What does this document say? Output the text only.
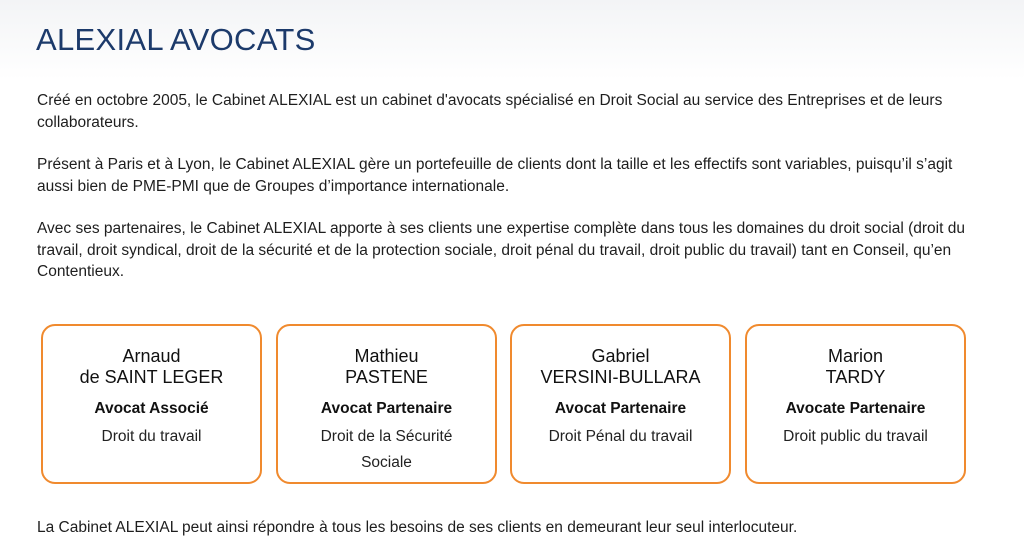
ALEXIAL AVOCATS

Créé en octobre 2005, le Cabinet ALEXIAL est un cabinet d'avocats spécialisé en Droit Social au service des Entreprises et de leurs collaborateurs.

Présent à Paris et à Lyon, le Cabinet ALEXIAL gère un portefeuille de clients dont la taille et les effectifs sont variables, puisqu’il s’agit aussi bien de PME-PMI que de Groupes d’importance internationale.

Avec ses partenaires, le Cabinet ALEXIAL apporte à ses clients une expertise complète dans tous les domaines du droit social (droit du travail, droit syndical, droit de la sécurité et de la protection sociale, droit pénal du travail, droit public du travail) tant en Conseil, qu’en Contentieux.

Arnaud
de SAINT LEGER
Avocat Associé
Droit du travail
Mathieu
PASTENE
Avocat Partenaire
Droit de la Sécurité Sociale
Gabriel
VERSINI-BULLARA
Avocat Partenaire
Droit Pénal du travail
Marion
TARDY
Avocate Partenaire
Droit public du travail

La Cabinet ALEXIAL peut ainsi répondre à tous les besoins de ses clients en demeurant leur seul interlocuteur.
